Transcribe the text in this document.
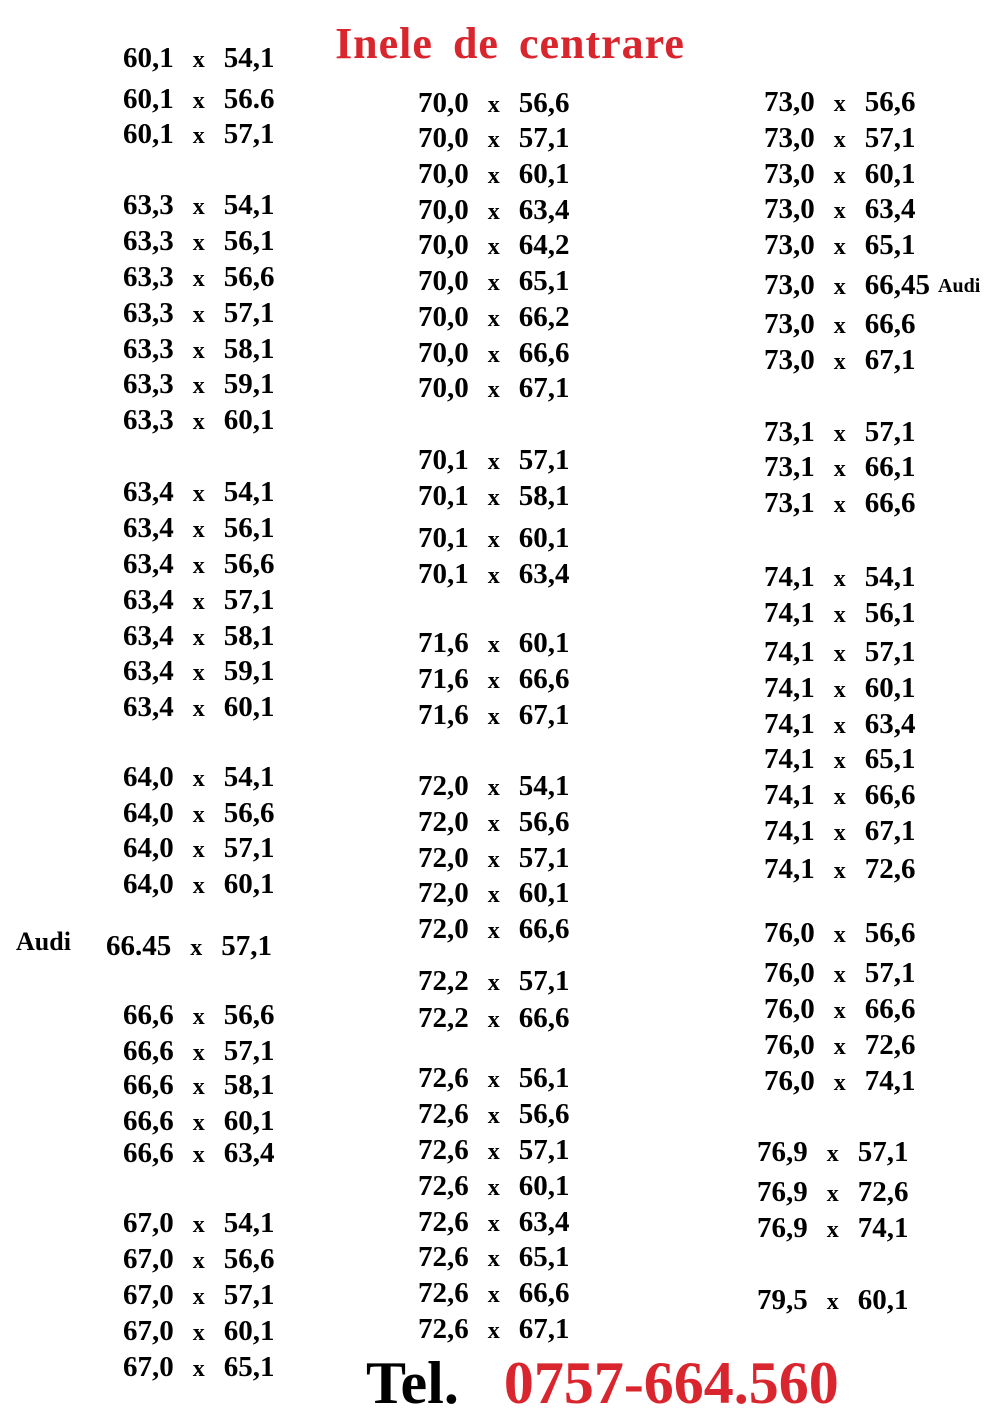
Inele de centrare
60,1 x 54,1
60,1 x 56.6
60,1 x 57,1
63,3 x 54,1
63,3 x 56,1
63,3 x 56,6
63,3 x 57,1
63,3 x 58,1
63,3 x 59,1
63,3 x 60,1
63,4 x 54,1
63,4 x 56,1
63,4 x 56,6
63,4 x 57,1
63,4 x 58,1
63,4 x 59,1
63,4 x 60,1
64,0 x 54,1
64,0 x 56,6
64,0 x 57,1
64,0 x 60,1
66.45 x 57,1
Audi
66,6 x 56,6
66,6 x 57,1
66,6 x 58,1
66,6 x 60,1
66,6 x 63,4
67,0 x 54,1
67,0 x 56,6
67,0 x 57,1
67,0 x 60,1
67,0 x 65,1
70,0 x 56,6
70,0 x 57,1
70,0 x 60,1
70,0 x 63,4
70,0 x 64,2
70,0 x 65,1
70,0 x 66,2
70,0 x 66,6
70,0 x 67,1
70,1 x 57,1
70,1 x 58,1
70,1 x 60,1
70,1 x 63,4
71,6 x 60,1
71,6 x 66,6
71,6 x 67,1
72,0 x 54,1
72,0 x 56,6
72,0 x 57,1
72,0 x 60,1
72,0 x 66,6
72,2 x 57,1
72,2 x 66,6
72,6 x 56,1
72,6 x 56,6
72,6 x 57,1
72,6 x 60,1
72,6 x 63,4
72,6 x 65,1
72,6 x 66,6
72,6 x 67,1
73,0 x 56,6
73,0 x 57,1
73,0 x 60,1
73,0 x 63,4
73,0 x 65,1
73,0 x 66,45 Audi
73,0 x 66,6
73,0 x 67,1
73,1 x 57,1
73,1 x 66,1
73,1 x 66,6
74,1 x 54,1
74,1 x 56,1
74,1 x 57,1
74,1 x 60,1
74,1 x 63,4
74,1 x 65,1
74,1 x 66,6
74,1 x 67,1
74,1 x 72,6
76,0 x 56,6
76,0 x 57,1
76,0 x 66,6
76,0 x 72,6
76,0 x 74,1
76,9 x 57,1
76,9 x 72,6
76,9 x 74,1
79,5 x 60,1
Tel. 0757-664.560
